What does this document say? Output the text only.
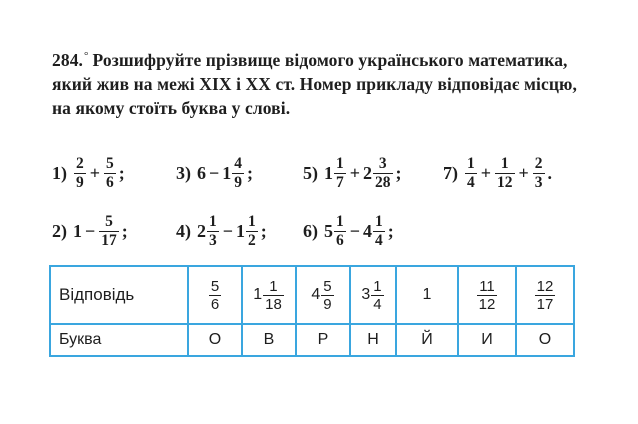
284.° Розшифруйте прізвище відомого українського математика, який жив на межі XIX і XX ст. Номер прикладу відповідає місцю, на якому стоїть буква у слові.
$1) \frac{2}{9} + \frac{5}{6}$ ;	3) $6 - 1 \frac{4}{9}$ ;	5) $1 \frac{1}{7} + 2 \frac{3}{28}$ ; $7) \frac{1}{4} + \frac{1}{12} + \frac{2}{3}$ .
2) $1 - \frac{5}{17}$ ;	4) $2 \frac{1}{3} - 1 \frac{1}{2}$ ; 6) $5 \frac{1}{6} - 4 \frac{1}{4}$ ;
Відповідь	$\frac{5}{6}$	$1 \frac{1}{18}$	$4 \frac{5}{9}$	$3 \frac{1}{4}$	1	$\frac{11}{12}$	$\frac{12}{17}$

Буква	О	В	Р	Н	Й	И	О
